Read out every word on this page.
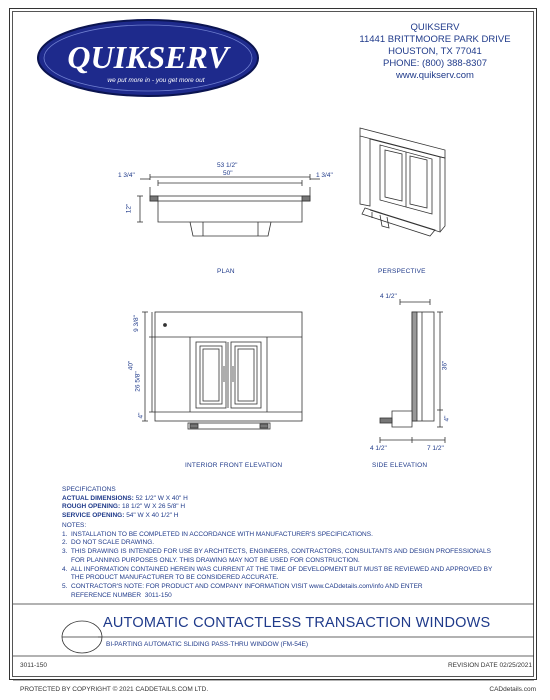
QUIKSERV
we put more in - you get more out
QUIKSERV
11441 BRITTMOORE PARK DRIVE
HOUSTON, TX 77041
PHONE: (800) 388-8307
www.quikserv.com
53 1/2"
50"
1 3/4"	1 3/4"
12"
PLAN	PERSPECTIVE
9 3/8"
40"
26 5/8"
4"
INTERIOR FRONT ELEVATION
4 1/2"
36"
4"
4 1/2"	7 1/2"
SIDE ELEVATION
SPECIFICATIONS
ACTUAL DIMENSIONS: 52 1/2" W X 40" H
ROUGH OPENING: 18 1/2" W X 26 5/8" H
SERVICE OPENING: 54" W X 40 1/2" H
NOTES:
1.  INSTALLATION TO BE COMPLETED IN ACCORDANCE WITH MANUFACTURER'S SPECIFICATIONS.
2.  DO NOT SCALE DRAWING.
3.  THIS DRAWING IS INTENDED FOR USE BY ARCHITECTS, ENGINEERS, CONTRACTORS, CONSULTANTS AND DESIGN PROFESSIONALS
FOR PLANNING PURPOSES ONLY. THIS DRAWING MAY NOT BE USED FOR CONSTRUCTION.
4.  ALL INFORMATION CONTAINED HEREIN WAS CURRENT AT THE TIME OF DEVELOPMENT BUT MUST BE REVIEWED AND APPROVED BY
THE PRODUCT MANUFACTURER TO BE CONSIDERED ACCURATE.
5.  CONTRACTOR'S NOTE: FOR PRODUCT AND COMPANY INFORMATION VISIT www.CADdetails.com/info AND ENTER
REFERENCE NUMBER  3011-150
AUTOMATIC CONTACTLESS TRANSACTION WINDOWS
BI-PARTING AUTOMATIC SLIDING PASS-THRU WINDOW (FM-54E)
3011-150	REVISION DATE 02/25/2021
PROTECTED BY COPYRIGHT © 2021 CADDETAILS.COM LTD.	CADdetails.com
